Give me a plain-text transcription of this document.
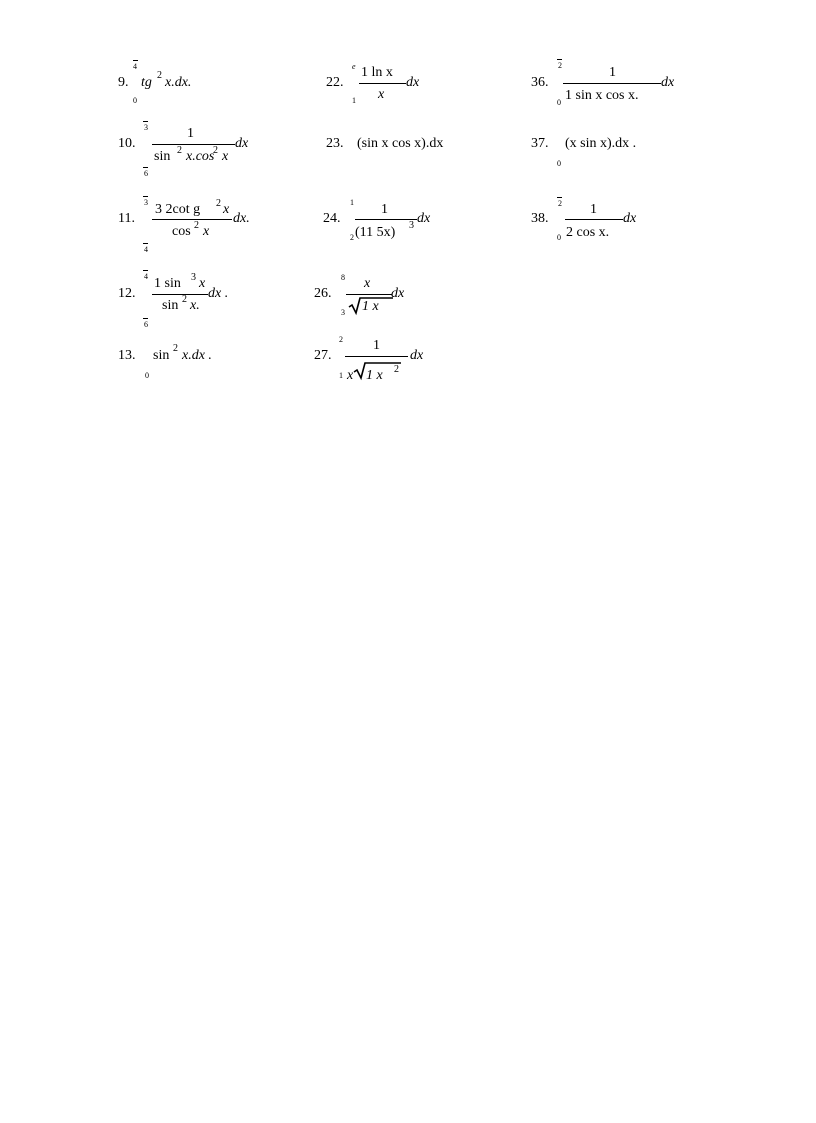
9.
4
0
tg 2 x.dx.
10.
3
6
1
sin 2 x.cos
2 x
dx
11.
3
4
3 2cot g 2 x
cos 2 x
dx.
12.
4
6
1 sin 3 x
sin 2 x.
dx .
13.
0
sin 2 x.dx .
22.
e
1
1 ln x
x
dx
23. (sin x cos x).dx
24.
1
2
1
(11 5x) 3 dx
26.
8
3
x
1 x
dx
27.
2
1
1
x 1 x 2
dx
36.
2
0
1
1 sin x cos x.
dx
37.
0
(x sin x).dx .
38.
2
0
1
2 cos x.
dx
